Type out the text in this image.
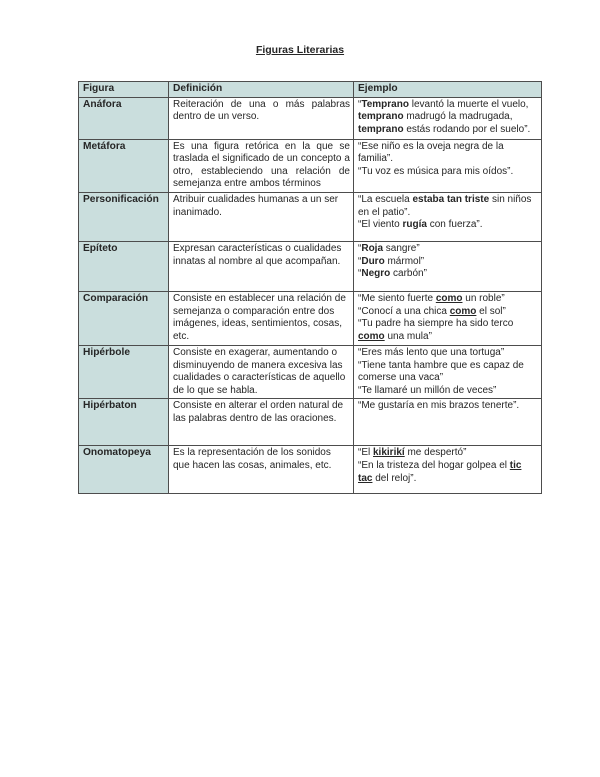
Figuras Literarias
Figura	Definición	Ejemplo
Anáfora	Reiteración de una o más palabras dentro de un verso.	“Temprano levantó la muerte el vuelo,
temprano madrugó la madrugada,
temprano estás rodando por el suelo”.

Metáfora	Es una figura retórica en la que se traslada el significado de un concepto a otro, estableciendo una relación de semejanza entre ambos términos	“Ese niño es la oveja negra de la familia”.
“Tu voz es música para mis oídos”.

Personificación	Atribuir cualidades humanas a un ser inanimado.	“La escuela estaba tan triste sin niños en el patio”.
“El viento rugía con fuerza”.

Epíteto	Expresan características o cualidades innatas al nombre al que acompañan.	“Roja sangre”
“Duro mármol”
“Negro carbón”

Comparación	Consiste en establecer una relación de semejanza o comparación entre dos imágenes, ideas, sentimientos, cosas, etc.	“Me siento fuerte como un roble”
“Conocí a una chica como el sol”
“Tu padre ha siempre ha sido terco como una mula”

Hipérbole	Consiste en exagerar, aumentando o disminuyendo de manera excesiva las cualidades o características de aquello de lo que se habla.	“Eres más lento que una tortuga”
“Tiene tanta hambre que es capaz de comerse una vaca”
“Te llamaré un millón de veces”

Hipérbaton	Consiste en alterar el orden natural de las palabras dentro de las oraciones.	“Me gustaría en mis brazos tenerte”.

Onomatopeya	Es la representación de los sonidos que hacen las cosas, animales, etc.	“El kikirikí me despertó”
“En la tristeza del hogar golpea el tic tac del reloj”.
